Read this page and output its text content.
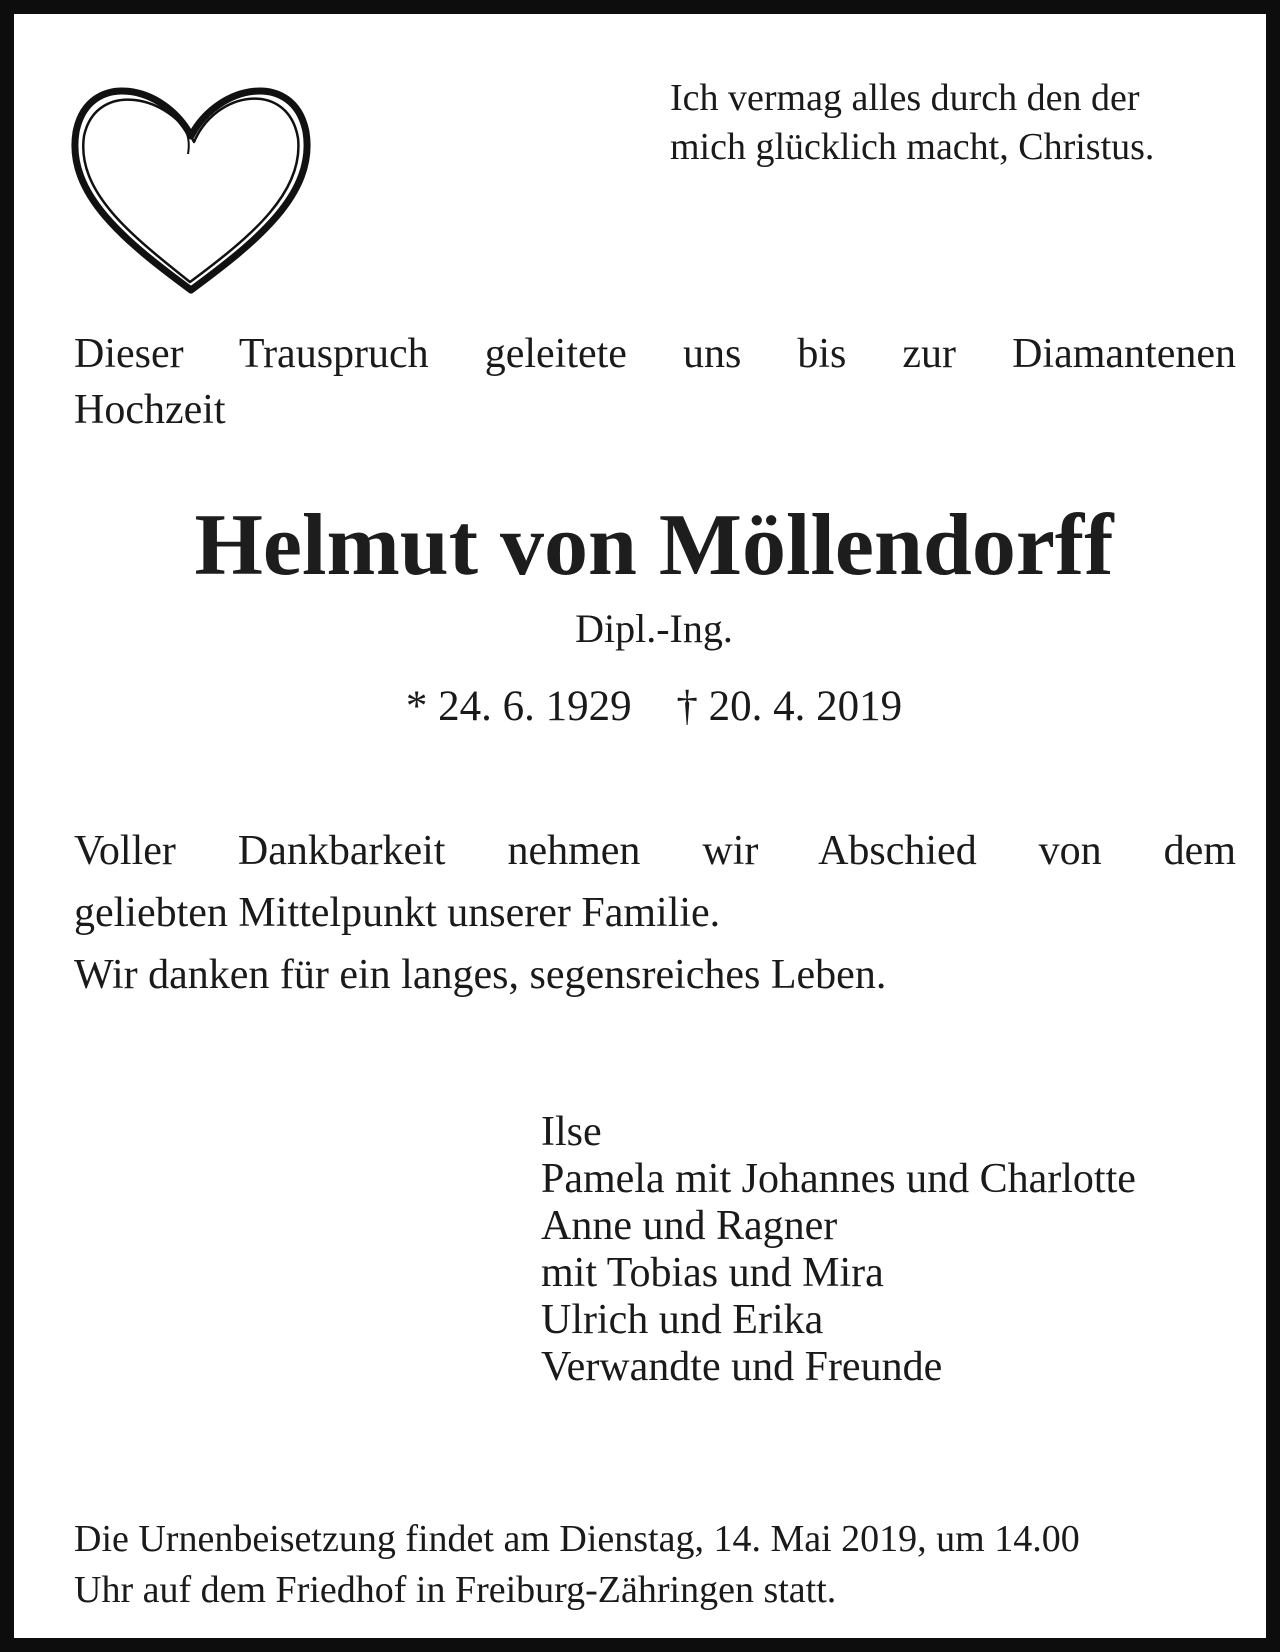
Ich vermag alles durch den der
mich glücklich macht, Christus.
Dieser Trauspruch geleitete uns bis zur Diamantenen
Hochzeit
Helmut von Möllendorff
Dipl.-Ing.
* 24. 6. 1929 † 20. 4. 2019
Voller Dankbarkeit nehmen wir Abschied von dem
geliebten Mittelpunkt unserer Familie.
Wir danken für ein langes, segensreiches Leben.
Ilse
Pamela mit Johannes und Charlotte
Anne und Ragner
mit Tobias und Mira
Ulrich und Erika
Verwandte und Freunde
Die Urnenbeisetzung findet am Dienstag, 14. Mai 2019, um 14.00
Uhr auf dem Friedhof in Freiburg-Zähringen statt.
